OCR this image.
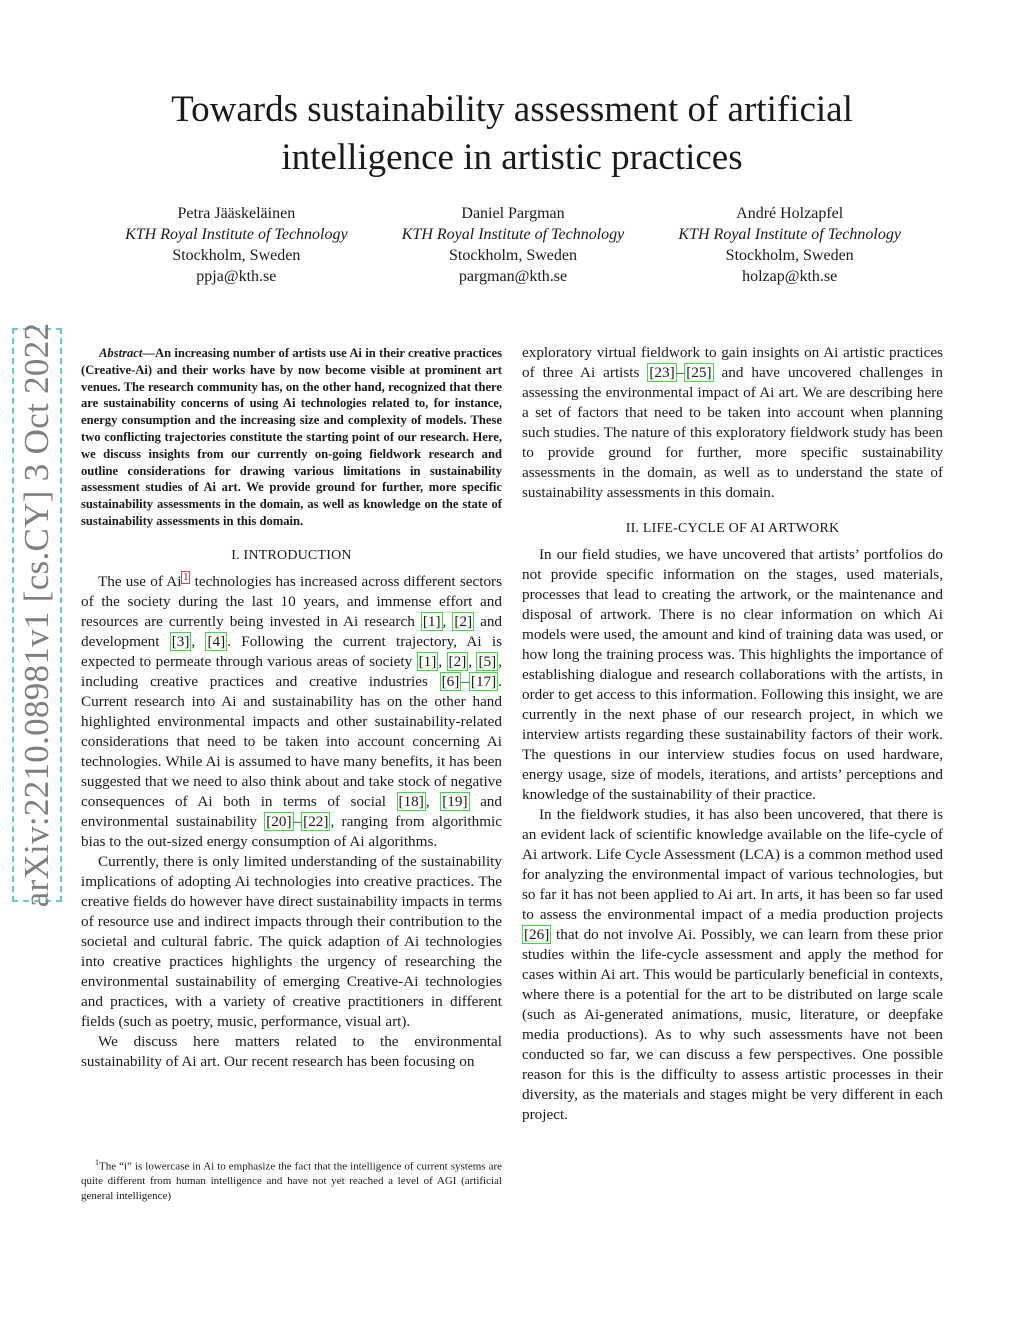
Towards sustainability assessment of artificial intelligence in artistic practices
Petra Jääskeläinen
KTH Royal Institute of Technology
Stockholm, Sweden
ppja@kth.se
Daniel Pargman
KTH Royal Institute of Technology
Stockholm, Sweden
pargman@kth.se
André Holzapfel
KTH Royal Institute of Technology
Stockholm, Sweden
holzap@kth.se
arXiv:2210.08981v1 [cs.CY] 3 Oct 2022	Abstract—An increasing number of artists use Ai in their creative practices (Creative-Ai) and their works have by now become visible at prominent art venues. The research community has, on the other hand, recognized that there are sustainability concerns of using Ai technologies related to, for instance, energy consumption and the increasing size and complexity of models. These two conflicting trajectories constitute the starting point of our research. Here, we discuss insights from our currently on-going fieldwork research and outline considerations for drawing various limitations in sustainability assessment studies of Ai art. We provide ground for further, more specific sustainability assessments in the domain, as well as knowledge on the state of sustainability assessments in this domain.

I. INTRODUCTION

The use of Ai $^1$ technologies has increased across different sectors of the society during the last 10 years, and immense effort and resources are currently being invested in Ai research [1] , [2] and development [3] , [4] . Following the current trajectory, Ai is expected to permeate through various areas of society [1] , [2] , [5] , including creative practices and creative industries [6] – [17] . Current research into Ai and sustainability has on the other hand highlighted environmental impacts and other sustainability-related considerations that need to be taken into account concerning Ai technologies. While Ai is assumed to have many benefits, it has been suggested that we need to also think about and take stock of negative consequences of Ai both in terms of social [18] , [19] and environmental sustainability [20] – [22] , ranging from algorithmic bias to the out-sized energy consumption of Ai algorithms.

Currently, there is only limited understanding of the sustainability implications of adopting Ai technologies into creative practices. The creative fields do however have direct sustainability impacts in terms of resource use and indirect impacts through their contribution to the societal and cultural fabric. The quick adaption of Ai technologies into creative practices highlights the urgency of researching the environmental sustainability of emerging Creative-Ai technologies and practices, with a variety of creative practitioners in different fields (such as poetry, music, performance, visual art).

We discuss here matters related to the environmental sustainability of Ai art. Our recent research has been focusing on

$^1$The “i” is lowercase in Ai to emphasize the fact that the intelligence of current systems are quite different from human intelligence and have not yet reached a level of AGI (artificial general intelligence)

exploratory virtual fieldwork to gain insights on Ai artistic practices of three Ai artists [23] – [25] and have uncovered challenges in assessing the environmental impact of Ai art. We are describing here a set of factors that need to be taken into account when planning such studies. The nature of this exploratory fieldwork study has been to provide ground for further, more specific sustainability assessments in the domain, as well as to understand the state of sustainability assessments in this domain.

II. LIFE-CYCLE OF AI ARTWORK

In our field studies, we have uncovered that artists’ portfolios do not provide specific information on the stages, used materials, processes that lead to creating the artwork, or the maintenance and disposal of artwork. There is no clear information on which Ai models were used, the amount and kind of training data was used, or how long the training process was. This highlights the importance of establishing dialogue and research collaborations with the artists, in order to get access to this information. Following this insight, we are currently in the next phase of our research project, in which we interview artists regarding these sustainability factors of their work. The questions in our interview studies focus on used hardware, energy usage, size of models, iterations, and artists’ perceptions and knowledge of the sustainability of their practice.

In the fieldwork studies, it has also been uncovered, that there is an evident lack of scientific knowledge available on the life-cycle of Ai artwork. Life Cycle Assessment (LCA) is a common method used for analyzing the environmental impact of various technologies, but so far it has not been applied to Ai art. In arts, it has been so far used to assess the environmental impact of a media production projects [26] that do not involve Ai. Possibly, we can learn from these prior studies within the life-cycle assessment and apply the method for cases within Ai art. This would be particularly beneficial in contexts, where there is a potential for the art to be distributed on large scale (such as Ai-generated animations, music, literature, or deepfake media productions). As to why such assessments have not been conducted so far, we can discuss a few perspectives. One possible reason for this is the difficulty to assess artistic processes in their diversity, as the materials and stages might be very different in each project.
